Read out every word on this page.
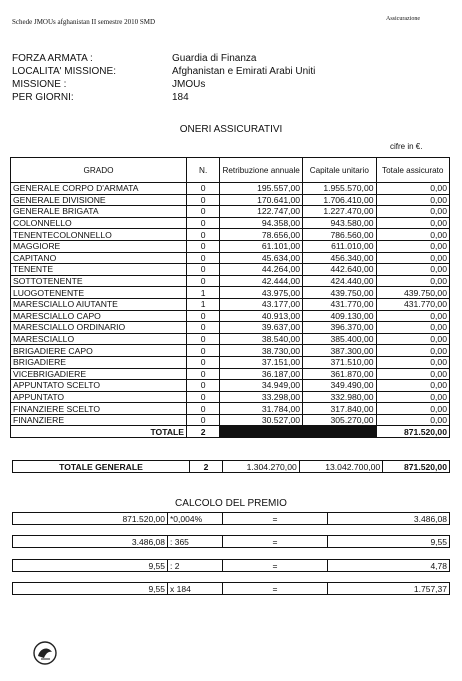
Schede JMOUs afghanistan II semestre 2010 SMD	Assicurazione
FORZA ARMATA :	Guardia di Finanza
LOCALITA' MISSIONE:	Afghanistan e Emirati Arabi Uniti
MISSIONE :	JMOUs
PER GIORNI:	184
ONERI ASSICURATIVI
cifre in €.
GRADO	N.	Retribuzione annuale	Capitale unitario	Totale assicurato
GENERALE CORPO D'ARMATA	0	195.557,00	1.955.570,00	0,00
GENERALE DIVISIONE	0	170.641,00	1.706.410,00	0,00
GENERALE BRIGATA	0	122.747,00	1.227.470,00	0,00
COLONNELLO	0	94.358,00	943.580,00	0,00
TENENTECOLONNELLO	0	78.656,00	786.560,00	0,00
MAGGIORE	0	61.101,00	611.010,00	0,00
CAPITANO	0	45.634,00	456.340,00	0,00
TENENTE	0	44.264,00	442.640,00	0,00
SOTTOTENENTE	0	42.444,00	424.440,00	0,00
LUOGOTENENTE	1	43.975,00	439.750,00	439.750,00
MARESCIALLO AIUTANTE	1	43.177,00	431.770,00	431.770,00
MARESCIALLO CAPO	0	40.913,00	409.130,00	0,00
MARESCIALLO ORDINARIO	0	39.637,00	396.370,00	0,00
MARESCIALLO	0	38.540,00	385.400,00	0,00
BRIGADIERE CAPO	0	38.730,00	387.300,00	0,00
BRIGADIERE	0	37.151,00	371.510,00	0,00
VICEBRIGADIERE	0	36.187,00	361.870,00	0,00
APPUNTATO SCELTO	0	34.949,00	349.490,00	0,00
APPUNTATO	0	33.298,00	332.980,00	0,00
FINANZIERE SCELTO	0	31.784,00	317.840,00	0,00
FINANZIERE	0	30.527,00	305.270,00	0,00
TOTALE	2			871.520,00
TOTALE GENERALE	2	1.304.270,00	13.042.700,00	871.520,00
CALCOLO DEL PREMIO
871.520,00	*0,004%	=	3.486,08
3.486,08	: 365	=	9,55
9,55	: 2	=	4,78
9,55	x 184	=	1.757,37
